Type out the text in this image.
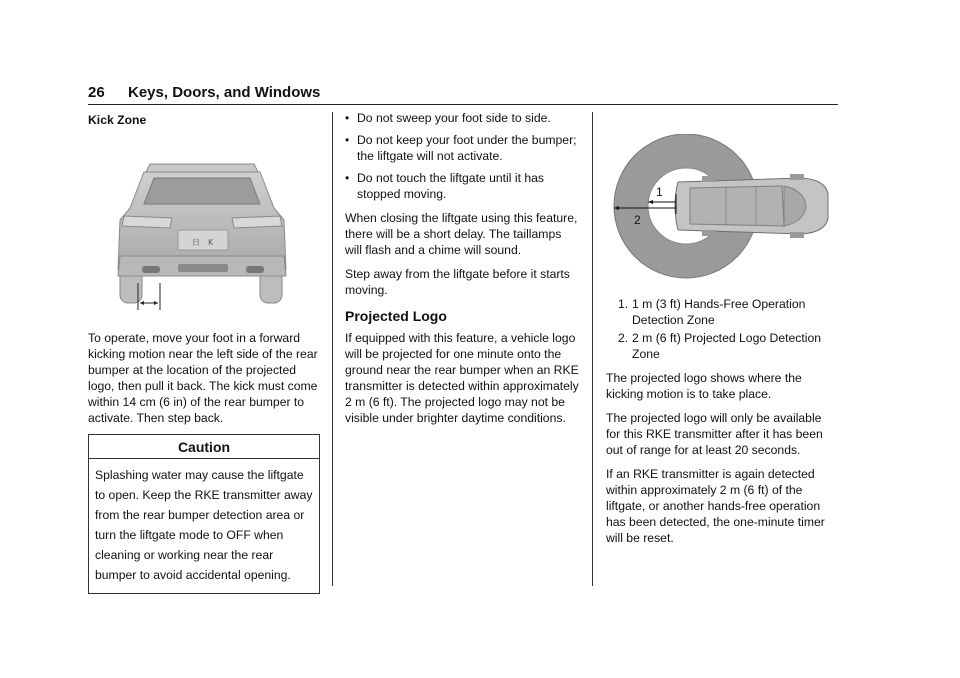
26 Keys, Doors, and Windows
Kick Zone
日 K

To operate, move your foot in a forward kicking motion near the left side of the rear bumper at the location of the projected logo, then pull it back. The kick must come within 14 cm (6 in) of the rear bumper to activate. Then step back.

Caution
Splashing water may cause the liftgate to open. Keep the RKE transmitter away from the rear bumper detection area or turn the liftgate mode to OFF when cleaning or working near the rear bumper to avoid accidental opening.
• Do not sweep your foot side to side.
• Do not keep your foot under the bumper; the liftgate will not activate.
• Do not touch the liftgate until it has stopped moving.

When closing the liftgate using this feature, there will be a short delay. The taillamps will flash and a chime will sound.

Step away from the liftgate before it starts moving.

Projected Logo

If equipped with this feature, a vehicle logo will be projected for one minute onto the ground near the rear bumper when an RKE transmitter is detected within approximately 2 m (6 ft). The projected logo may not be visible under brighter daytime conditions.

1
2
1. 1 m (3 ft) Hands-Free Operation Detection Zone
2. 2 m (6 ft) Projected Logo Detection Zone

The projected logo shows where the kicking motion is to take place.

The projected logo will only be available for this RKE transmitter after it has been out of range for at least 20 seconds.

If an RKE transmitter is again detected within approximately 2 m (6 ft) of the liftgate, or another hands-free operation has been detected, the one-minute timer will be reset.
